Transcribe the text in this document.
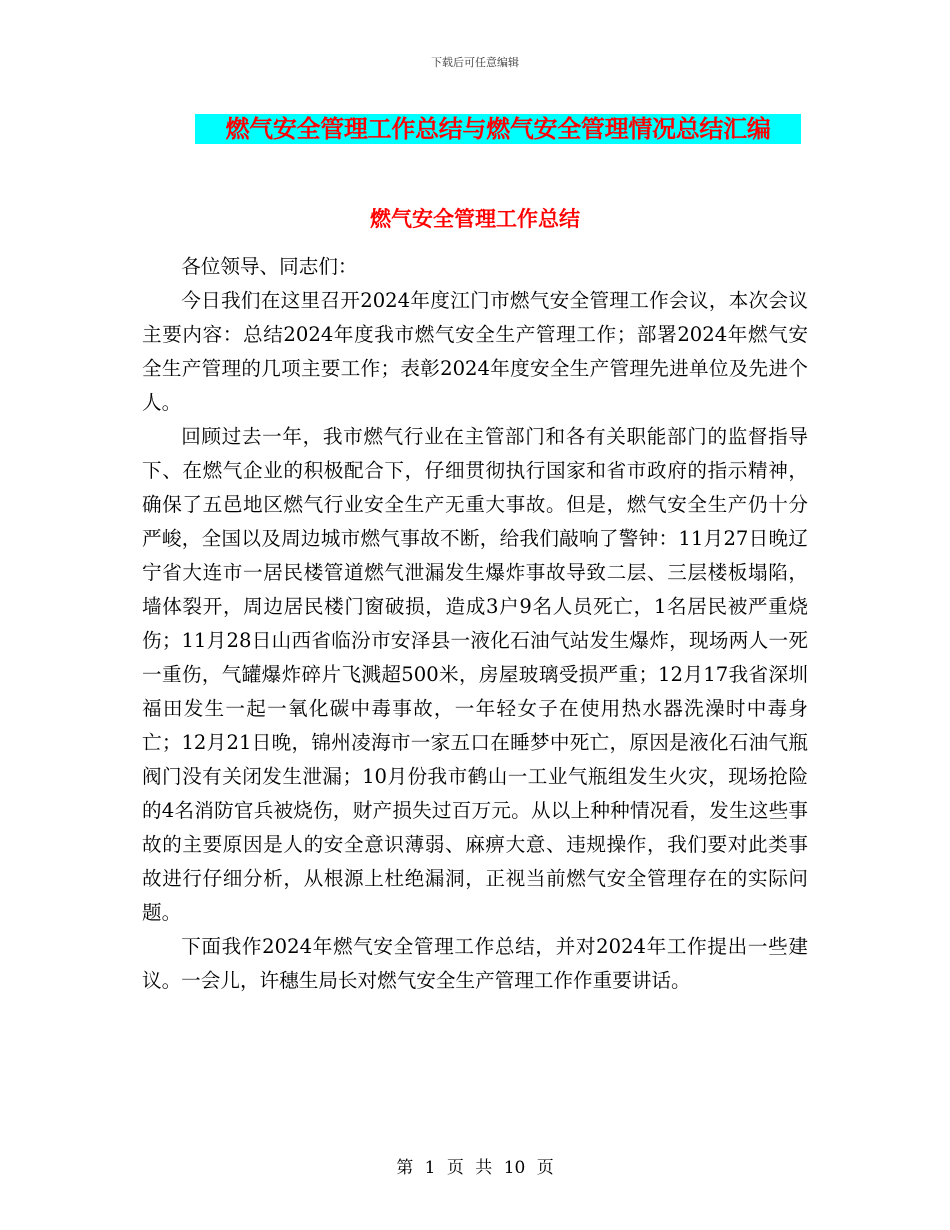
下载后可任意编辑
燃气安全管理工作总结与燃气安全管理情况总结汇编
燃气安全管理工作总结

各位领导、同志们：

今日我们在这里召开2024年度江门市燃气安全管理工作会议，本次会议主要内容：总结2024年度我市燃气安全生产管理工作；部署2024年燃气安全生产管理的几项主要工作；表彰2024年度安全生产管理先进单位及先进个人。

回顾过去一年，我市燃气行业在主管部门和各有关职能部门的监督指导下、在燃气企业的积极配合下，仔细贯彻执行国家和省市政府的指示精神，确保了五邑地区燃气行业安全生产无重大事故。但是，燃气安全生产仍十分严峻，全国以及周边城市燃气事故不断，给我们敲响了警钟：11月27日晚辽宁省大连市一居民楼管道燃气泄漏发生爆炸事故导致二层、三层楼板塌陷，墙体裂开，周边居民楼门窗破损，造成3户9名人员死亡，1名居民被严重烧伤；11月28日山西省临汾市安泽县一液化石油气站发生爆炸，现场两人一死一重伤，气罐爆炸碎片飞溅超500米，房屋玻璃受损严重；12月17我省深圳福田发生一起一氧化碳中毒事故，一年轻女子在使用热水器洗澡时中毒身亡；12月21日晚，锦州凌海市一家五口在睡梦中死亡，原因是液化石油气瓶阀门没有关闭发生泄漏；10月份我市鹤山一工业气瓶组发生火灾，现场抢险的4名消防官兵被烧伤，财产损失过百万元。从以上种种情况看，发生这些事故的主要原因是人的安全意识薄弱、麻痹大意、违规操作，我们要对此类事故进行仔细分析，从根源上杜绝漏洞，正视当前燃气安全管理存在的实际问题。

下面我作2024年燃气安全管理工作总结，并对2024年工作提出一些建议。一会儿，许穗生局长对燃气安全生产管理工作作重要讲话。

第 1 页 共 10 页
